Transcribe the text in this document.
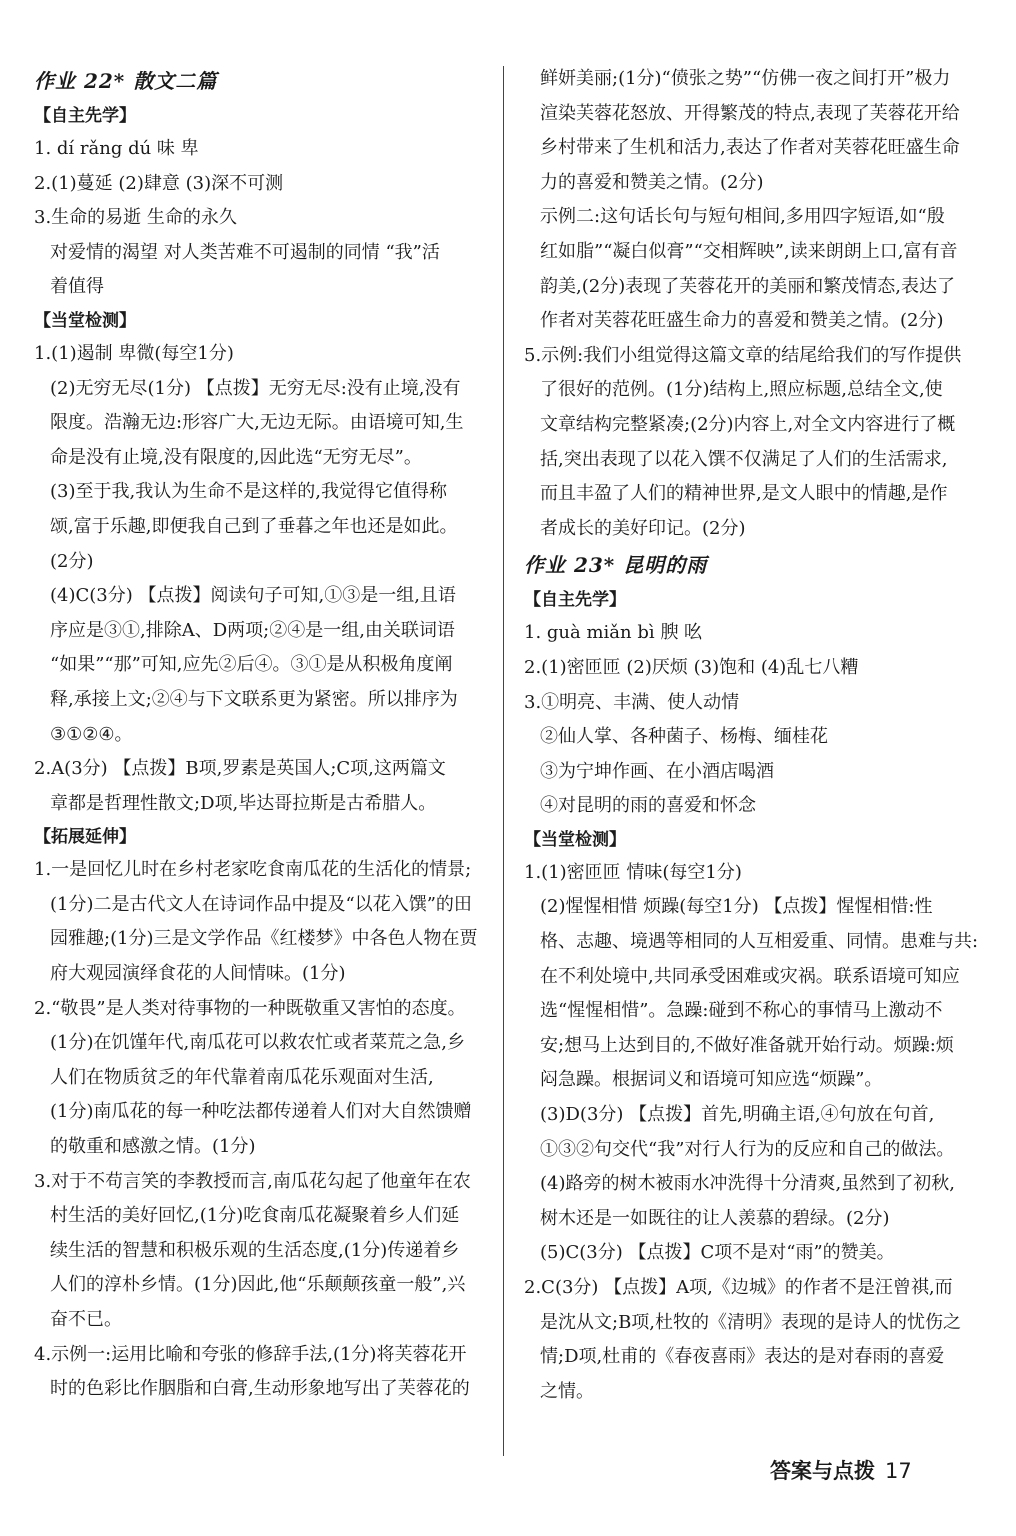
作业 22* 散文二篇
【自主先学】
1. dí rǎng dú 味 卑
2.(1)蔓延 (2)肆意 (3)深不可测
3.生命的易逝 生命的永久
对爱情的渴望 对人类苦难不可遏制的同情 “我”活
着值得
【当堂检测】
1.(1)遏制 卑微(每空1分)
(2)无穷无尽(1分) 【点拨】无穷无尽:没有止境,没有
限度。浩瀚无边:形容广大,无边无际。由语境可知,生
命是没有止境,没有限度的,因此选“无穷无尽”。
(3)至于我,我认为生命不是这样的,我觉得它值得称
颂,富于乐趣,即便我自己到了垂暮之年也还是如此。
(2分)
(4)C(3分) 【点拨】阅读句子可知,①③是一组,且语
序应是③①,排除A、D两项;②④是一组,由关联词语
“如果”“那”可知,应先②后④。③①是从积极角度阐
释,承接上文;②④与下文联系更为紧密。所以排序为
③①②④。
2.A(3分) 【点拨】B项,罗素是英国人;C项,这两篇文
章都是哲理性散文;D项,毕达哥拉斯是古希腊人。
【拓展延伸】
1.一是回忆儿时在乡村老家吃食南瓜花的生活化的情景;
(1分)二是古代文人在诗词作品中提及“以花入馔”的田
园雅趣;(1分)三是文学作品《红楼梦》中各色人物在贾
府大观园演绎食花的人间情味。(1分)
2.“敬畏”是人类对待事物的一种既敬重又害怕的态度。
(1分)在饥馑年代,南瓜花可以救农忙或者菜荒之急,乡
人们在物质贫乏的年代靠着南瓜花乐观面对生活,
(1分)南瓜花的每一种吃法都传递着人们对大自然馈赠
的敬重和感激之情。(1分)
3.对于不苟言笑的李教授而言,南瓜花勾起了他童年在农
村生活的美好回忆,(1分)吃食南瓜花凝聚着乡人们延
续生活的智慧和积极乐观的生活态度,(1分)传递着乡
人们的淳朴乡情。(1分)因此,他“乐颠颠孩童一般”,兴
奋不已。
4.示例一:运用比喻和夸张的修辞手法,(1分)将芙蓉花开
时的色彩比作胭脂和白膏,生动形象地写出了芙蓉花的
鲜妍美丽;(1分)“偾张之势”“仿佛一夜之间打开”极力
渲染芙蓉花怒放、开得繁茂的特点,表现了芙蓉花开给
乡村带来了生机和活力,表达了作者对芙蓉花旺盛生命
力的喜爱和赞美之情。(2分)
示例二:这句话长句与短句相间,多用四字短语,如“殷
红如脂”“凝白似膏”“交相辉映”,读来朗朗上口,富有音
韵美,(2分)表现了芙蓉花开的美丽和繁茂情态,表达了
作者对芙蓉花旺盛生命力的喜爱和赞美之情。(2分)
5.示例:我们小组觉得这篇文章的结尾给我们的写作提供
了很好的范例。(1分)结构上,照应标题,总结全文,使
文章结构完整紧凑;(2分)内容上,对全文内容进行了概
括,突出表现了以花入馔不仅满足了人们的生活需求,
而且丰盈了人们的精神世界,是文人眼中的情趣,是作
者成长的美好印记。(2分)
作业 23* 昆明的雨
【自主先学】
1. guà miǎn bì 腴 吆
2.(1)密匝匝 (2)厌烦 (3)饱和 (4)乱七八糟
3.①明亮、丰满、使人动情
②仙人掌、各种菌子、杨梅、缅桂花
③为宁坤作画、在小酒店喝酒
④对昆明的雨的喜爱和怀念
【当堂检测】
1.(1)密匝匝 情味(每空1分)
(2)惺惺相惜 烦躁(每空1分) 【点拨】惺惺相惜:性
格、志趣、境遇等相同的人互相爱重、同情。患难与共:
在不利处境中,共同承受困难或灾祸。联系语境可知应
选“惺惺相惜”。急躁:碰到不称心的事情马上激动不
安;想马上达到目的,不做好准备就开始行动。烦躁:烦
闷急躁。根据词义和语境可知应选“烦躁”。
(3)D(3分) 【点拨】首先,明确主语,④句放在句首,
①③②句交代“我”对行人行为的反应和自己的做法。
(4)路旁的树木被雨水冲洗得十分清爽,虽然到了初秋,
树木还是一如既往的让人羡慕的碧绿。(2分)
(5)C(3分) 【点拨】C项不是对“雨”的赞美。
2.C(3分) 【点拨】A项,《边城》的作者不是汪曾祺,而
是沈从文;B项,杜牧的《清明》表现的是诗人的忧伤之
情;D项,杜甫的《春夜喜雨》表达的是对春雨的喜爱
之情。
答案与点拨 17
